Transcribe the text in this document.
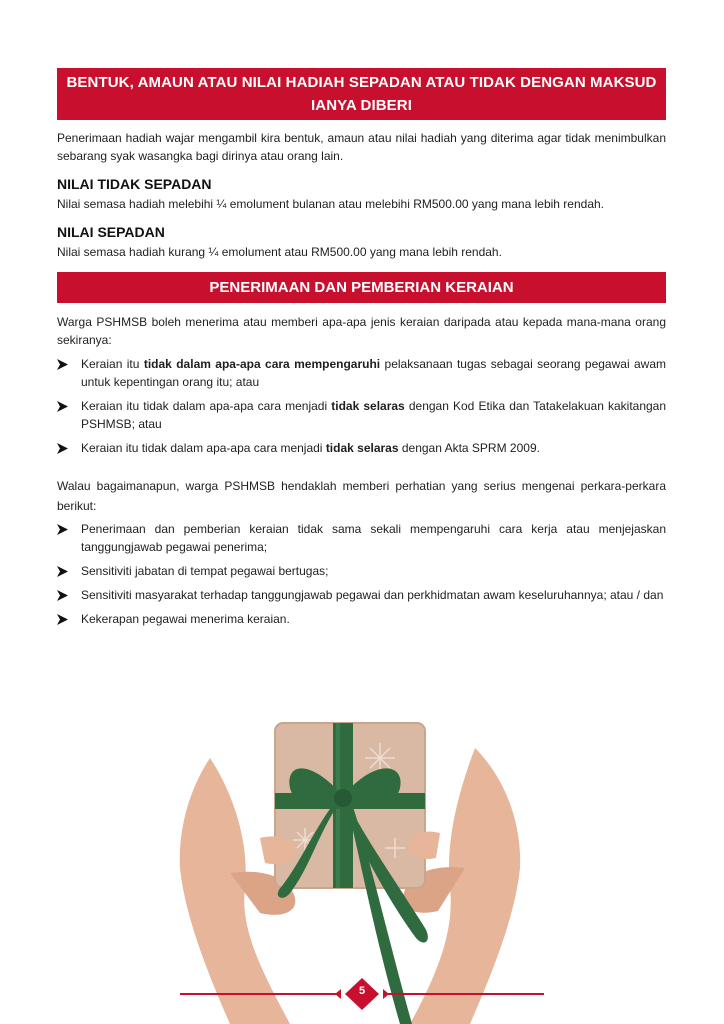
BENTUK, AMAUN ATAU NILAI HADIAH SEPADAN ATAU TIDAK DENGAN MAKSUD IANYA DIBERI

Penerimaan hadiah wajar mengambil kira bentuk, amaun atau nilai hadiah yang diterima agar tidak menimbulkan sebarang syak wasangka bagi dirinya atau orang lain.

NILAI TIDAK SEPADAN

Nilai semasa hadiah melebihi ¼ emolument bulanan atau melebihi RM500.00 yang mana lebih rendah.

NILAI SEPADAN

Nilai semasa hadiah kurang ¼ emolument atau RM500.00 yang mana lebih rendah.

PENERIMAAN DAN PEMBERIAN KERAIAN

Warga PSHMSB boleh menerima atau memberi apa-apa jenis keraian daripada atau kepada mana-mana orang sekiranya:

Keraian itu tidak dalam apa-apa cara mempengaruhi pelaksanaan tugas sebagai seorang pegawai awam untuk kepentingan orang itu; atau
Keraian itu tidak dalam apa-apa cara menjadi tidak selaras dengan Kod Etika dan Tatakelakuan kakitangan PSHMSB; atau
Keraian itu tidak dalam apa-apa cara menjadi tidak selaras dengan Akta SPRM 2009.

Walau bagaimanapun, warga PSHMSB hendaklah memberi perhatian yang serius mengenai perkara-perkara berikut:

Penerimaan dan pemberian keraian tidak sama sekali mempengaruhi cara kerja atau menjejaskan tanggungjawab pegawai penerima;
Sensitiviti jabatan di tempat pegawai bertugas;
Sensitiviti masyarakat terhadap tanggungjawab pegawai dan perkhidmatan awam keseluruhannya; atau / dan
Kekerapan pegawai menerima keraian.
5
